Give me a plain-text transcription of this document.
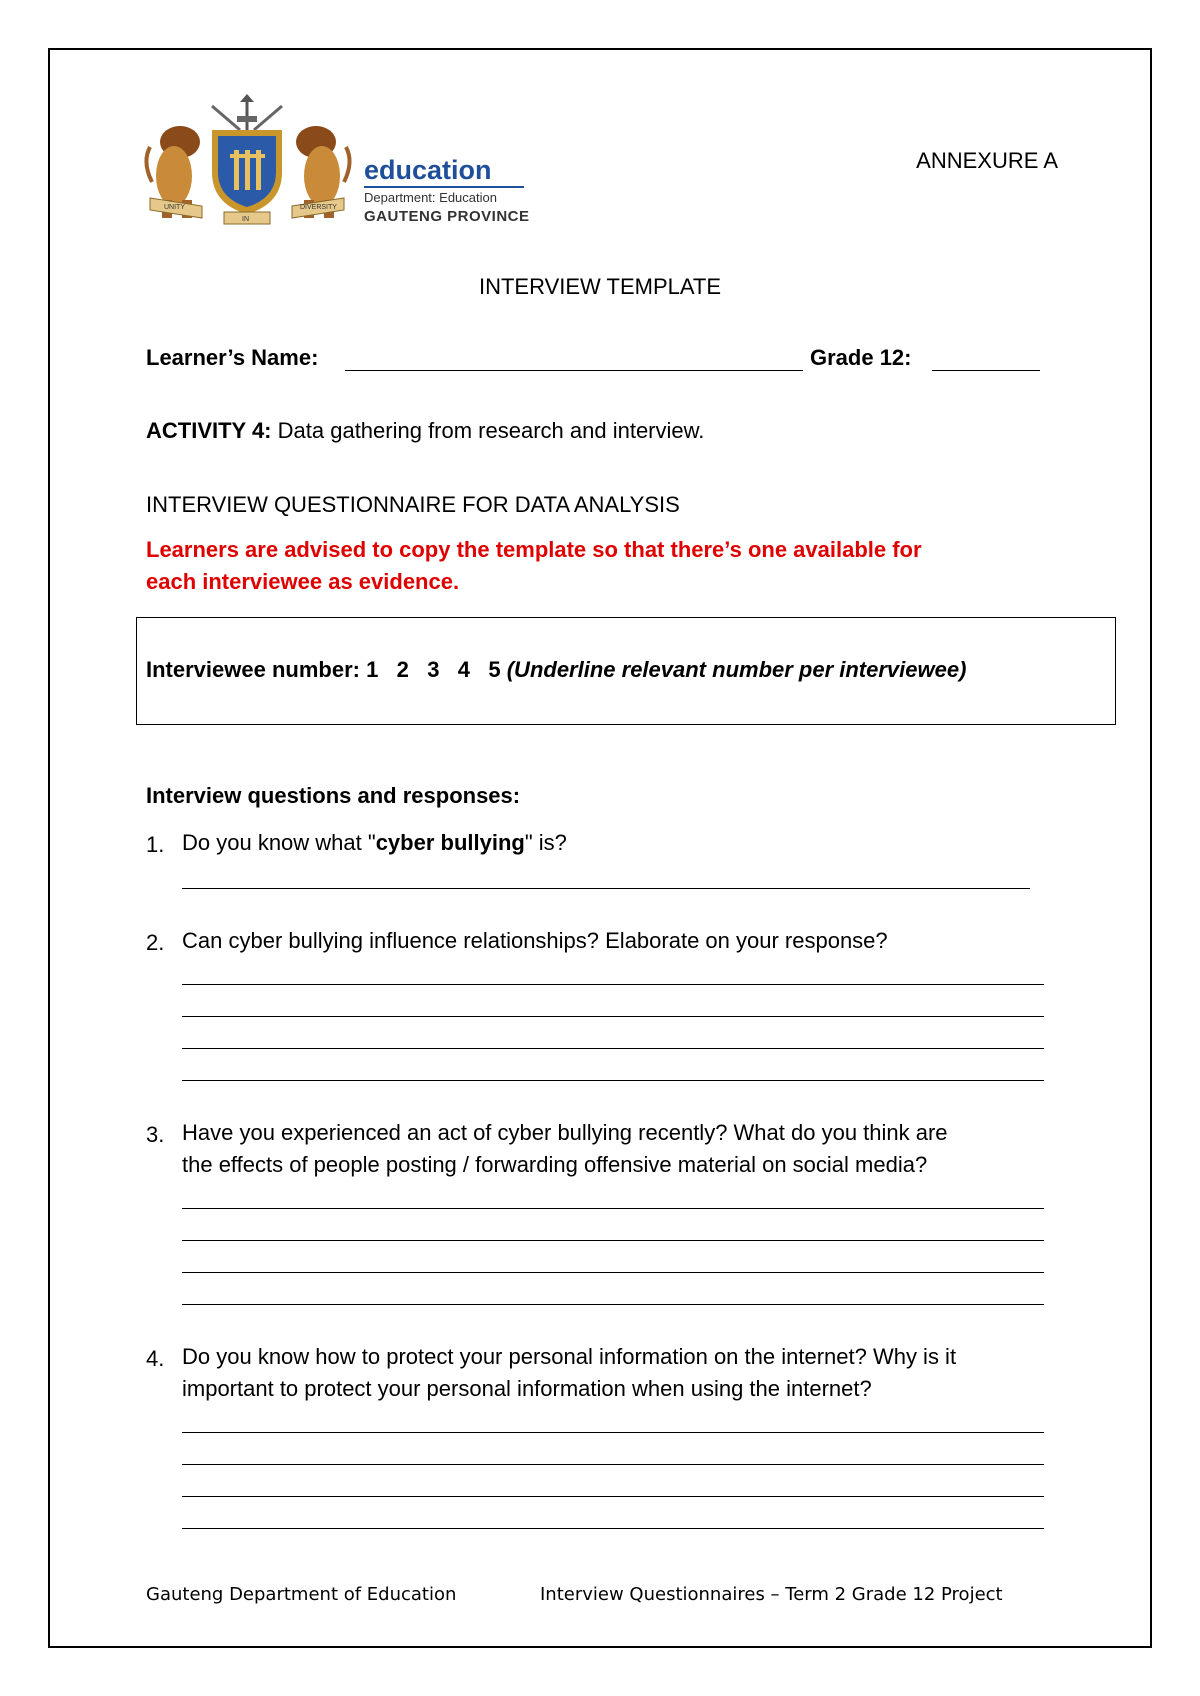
UNITY
IN
DIVERSITY
education
Department: Education
GAUTENG PROVINCE
ANNEXURE A
INTERVIEW TEMPLATE
Learner’s Name:	Grade 12:
ACTIVITY 4: Data gathering from research and interview.
INTERVIEW QUESTIONNAIRE FOR DATA ANALYSIS
Learners are advised to copy the template so that there’s one available for
each interviewee as evidence.
Interviewee number: 1   2   3   4   5 (Underline relevant number per interviewee)
Interview questions and responses:
1. Do you know what "cyber bullying" is?
2. Can cyber bullying influence relationships? Elaborate on your response?
3. Have you experienced an act of cyber bullying recently? What do you think are
the effects of people posting / forwarding offensive material on social media?
4. Do you know how to protect your personal information on the internet? Why is it
important to protect your personal information when using the internet?
Gauteng Department of Education	Interview Questionnaires – Term 2 Grade 12 Project
